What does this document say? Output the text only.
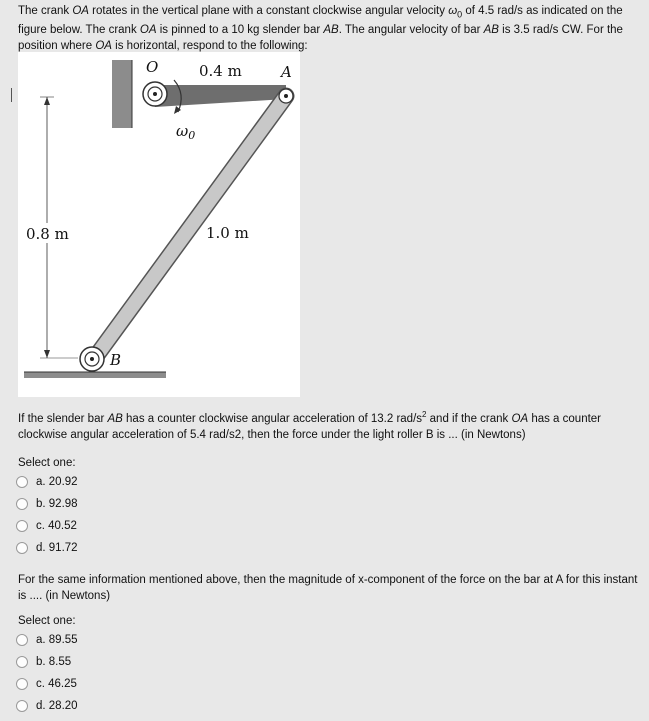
The crank OA rotates in the vertical plane with a constant clockwise angular velocity $\omega_0$ of 4.5 rad/s as indicated on the figure below. The crank OA is pinned to a 10 kg slender bar AB. The angular velocity of bar AB is 3.5 rad/s CW. For the position where OA is horizontal, respond to the following:

O	0.4 m	A
$\omega_0$
0.8 m	1.0 m
B

If the slender bar AB has a counter clockwise angular acceleration of 13.2 rad/$s^2$ and if the crank OA has a counter clockwise angular acceleration of 5.4 rad/s2, then the force under the light roller B is ... (in Newtons)

Select one:

a. 20.92
b. 92.98
c. 40.52
d. 91.72

For the same information mentioned above, then the magnitude of x-component of the force on the bar at A for this instant is .... (in Newtons)

Select one:

a. 89.55
b. 8.55
c. 46.25
d. 28.20
